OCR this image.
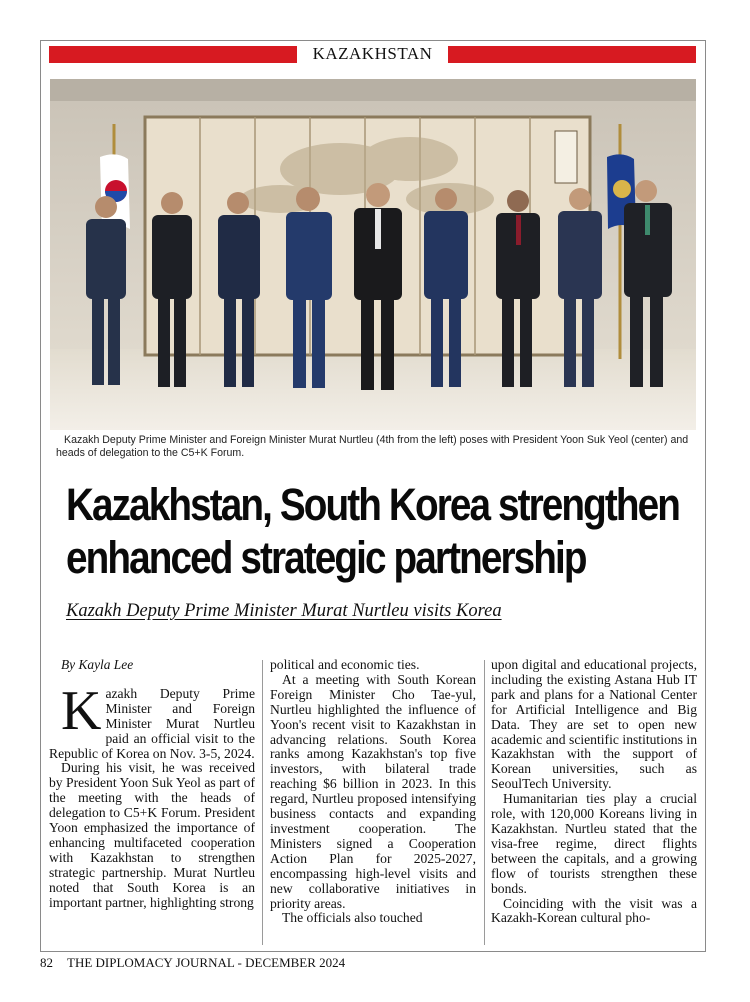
KAZAKHSTAN
Kazakh Deputy Prime Minister and Foreign Minister Murat Nurtleu (4th from the left) poses with President Yoon Suk Yeol (center) and heads of delegation to the C5+K Forum.
Kazakhstan, South Korea strengthen
enhanced strategic partnership
Kazakh Deputy Prime Minister Murat Nurtleu visits Korea
By Kayla Lee
K azakh Deputy Prime Minister and Foreign Minister Murat Nurtleu paid an official visit to the Republic of Korea on Nov. 3-5, 2024.

During his visit, he was received by President Yoon Suk Yeol as part of the meeting with the heads of delegation to C5+K Forum. President Yoon emphasized the importance of enhancing multifaceted cooperation with Kazakhstan to strengthen strategic partnership. Murat Nurtleu noted that South Korea is an important partner, highlighting strong

political and economic ties.

At a meeting with South Korean Foreign Minister Cho Tae-yul, Nurtleu highlighted the influence of Yoon's recent visit to Kazakhstan in advancing relations. South Korea ranks among Kazakhstan's top five investors, with bilateral trade reaching $6 billion in 2023. In this regard, Nurtleu proposed intensifying business contacts and expanding investment cooperation. The Ministers signed a Cooperation Action Plan for 2025-2027, encompassing high-level visits and new collaborative initiatives in priority areas.

The officials also touched

upon digital and educational projects, including the existing Astana Hub IT park and plans for a National Center for Artificial Intelligence and Big Data. They are set to open new academic and scientific institutions in Kazakhstan with the support of Korean universities, such as SeoulTech University.

Humanitarian ties play a crucial role, with 120,000 Koreans living in Kazakhstan. Nurtleu stated that the visa-free regime, direct flights between the capitals, and a growing flow of tourists strengthen these bonds.

Coinciding with the visit was a Kazakh-Korean cultural pho-

82 THE DIPLOMACY JOURNAL - DECEMBER 2024
